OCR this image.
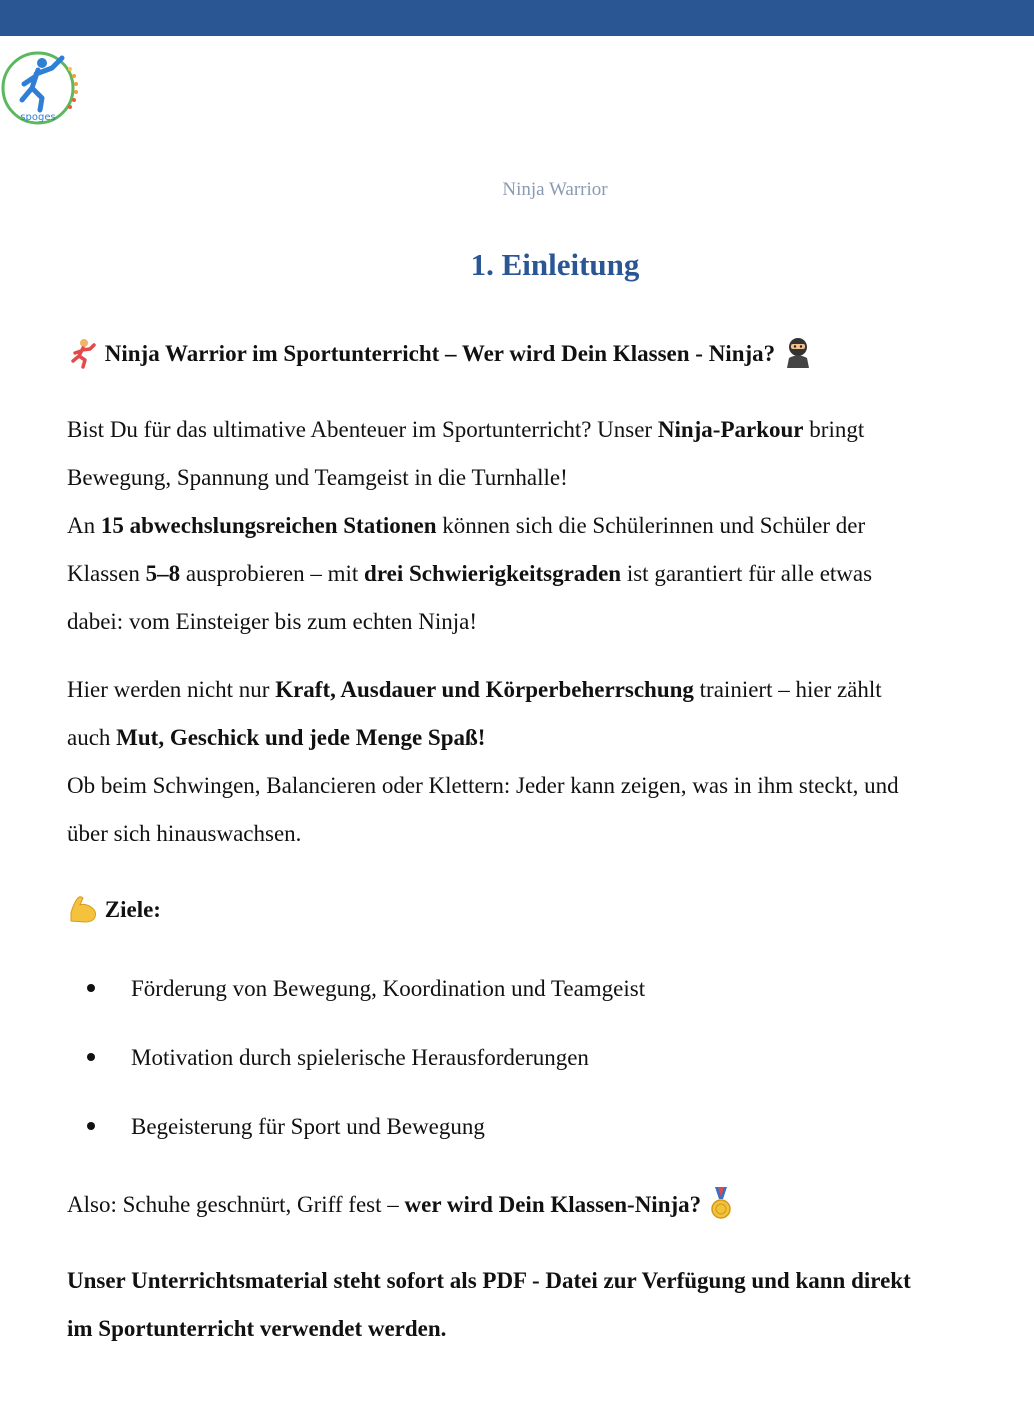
spoges
Ninja Warrior
1. Einleitung
Ninja Warrior im Sportunterricht – Wer wird Dein Klassen - Ninja?
Bist Du für das ultimative Abenteuer im Sportunterricht? Unser Ninja-Parkour bringt
Bewegung, Spannung und Teamgeist in die Turnhalle!
An 15 abwechslungsreichen Stationen können sich die Schülerinnen und Schüler der
Klassen 5–8 ausprobieren – mit drei Schwierigkeitsgraden ist garantiert für alle etwas
dabei: vom Einsteiger bis zum echten Ninja!
Hier werden nicht nur Kraft, Ausdauer und Körperbeherrschung trainiert – hier zählt
auch Mut, Geschick und jede Menge Spaß!
Ob beim Schwingen, Balancieren oder Klettern: Jeder kann zeigen, was in ihm steckt, und
über sich hinauswachsen.
Ziele:
Förderung von Bewegung, Koordination und Teamgeist
Motivation durch spielerische Herausforderungen
Begeisterung für Sport und Bewegung
Also: Schuhe geschnürt, Griff fest – wer wird Dein Klassen-Ninja?
Unser Unterrichtsmaterial steht sofort als PDF - Datei zur Verfügung und kann direkt
im Sportunterricht verwendet werden.
